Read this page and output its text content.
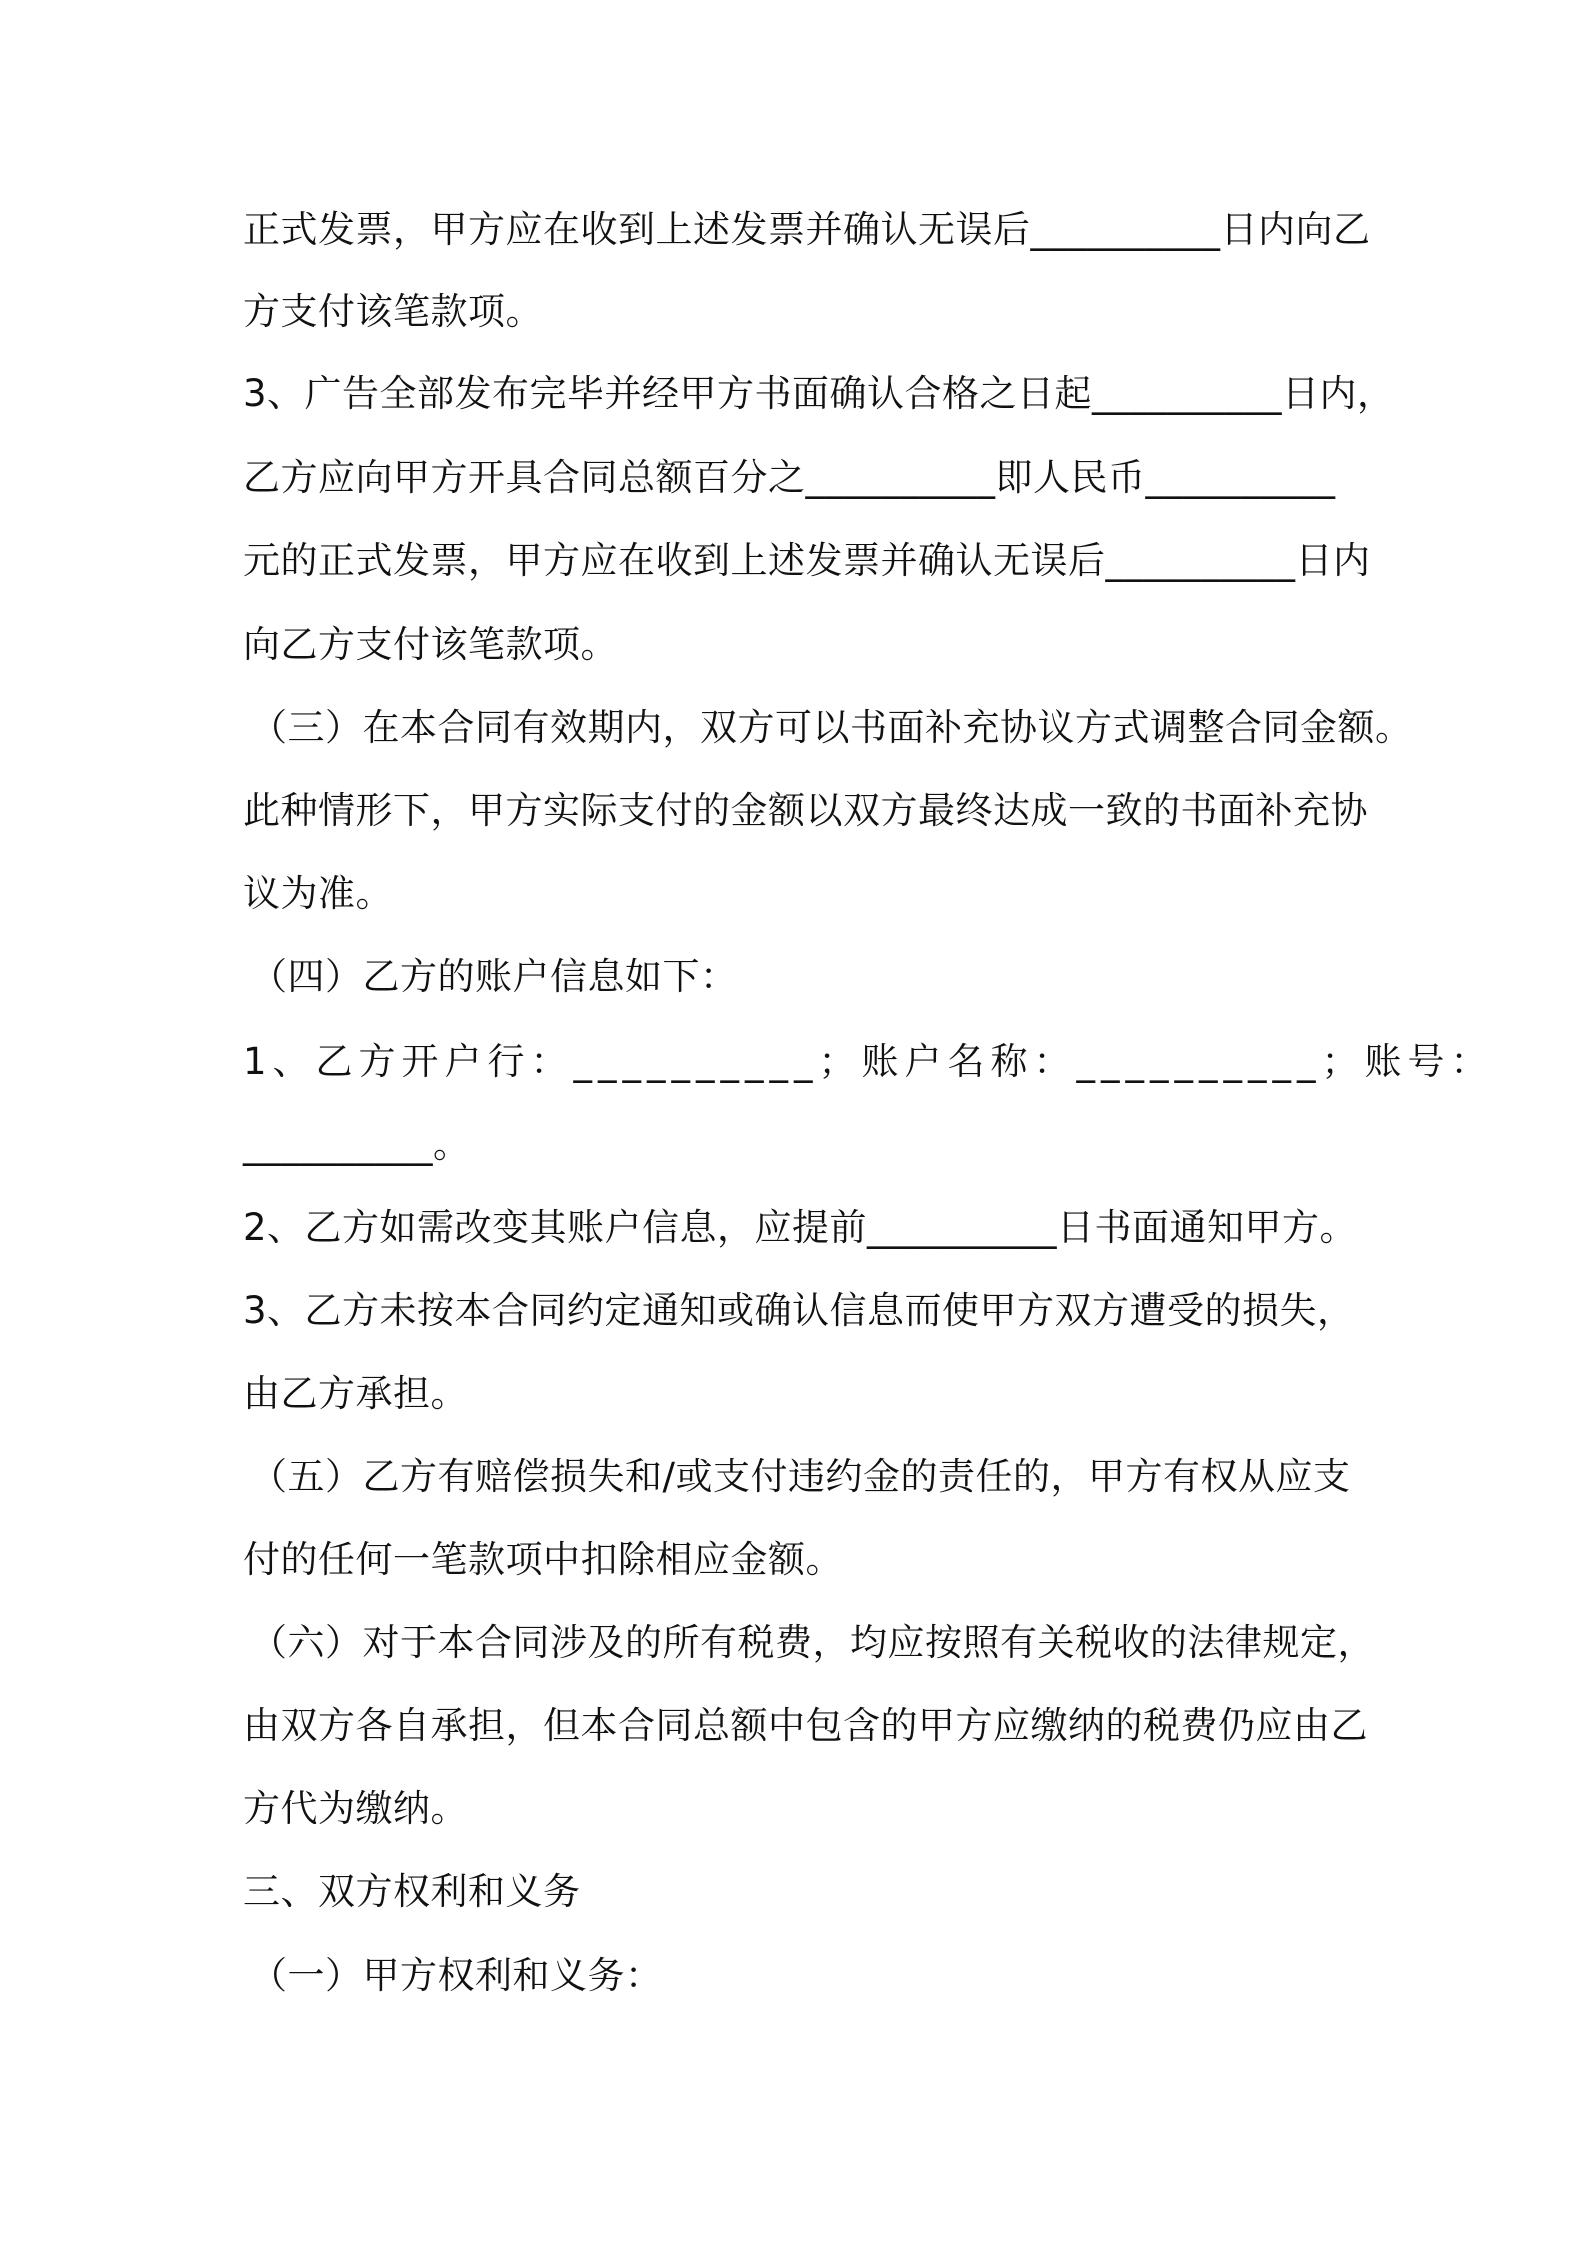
正式发票，甲方应在收到上述发票并确认无误后__________日内向乙
方支付该笔款项。
3、广告全部发布完毕并经甲方书面确认合格之日起__________日内，
乙方应向甲方开具合同总额百分之__________即人民币__________
元的正式发票，甲方应在收到上述发票并确认无误后__________日内
向乙方支付该笔款项。
（三）在本合同有效期内，双方可以书面补充协议方式调整合同金额。
此种情形下，甲方实际支付的金额以双方最终达成一致的书面补充协
议为准。
（四）乙方的账户信息如下：
1、乙方开户行：__________；账户名称：__________；账号：
__________。
2、乙方如需改变其账户信息，应提前__________日书面通知甲方。
3、乙方未按本合同约定通知或确认信息而使甲方双方遭受的损失，
由乙方承担。
（五）乙方有赔偿损失和/或支付违约金的责任的，甲方有权从应支
付的任何一笔款项中扣除相应金额。
（六）对于本合同涉及的所有税费，均应按照有关税收的法律规定，
由双方各自承担，但本合同总额中包含的甲方应缴纳的税费仍应由乙
方代为缴纳。
三、双方权利和义务
（一）甲方权利和义务：
